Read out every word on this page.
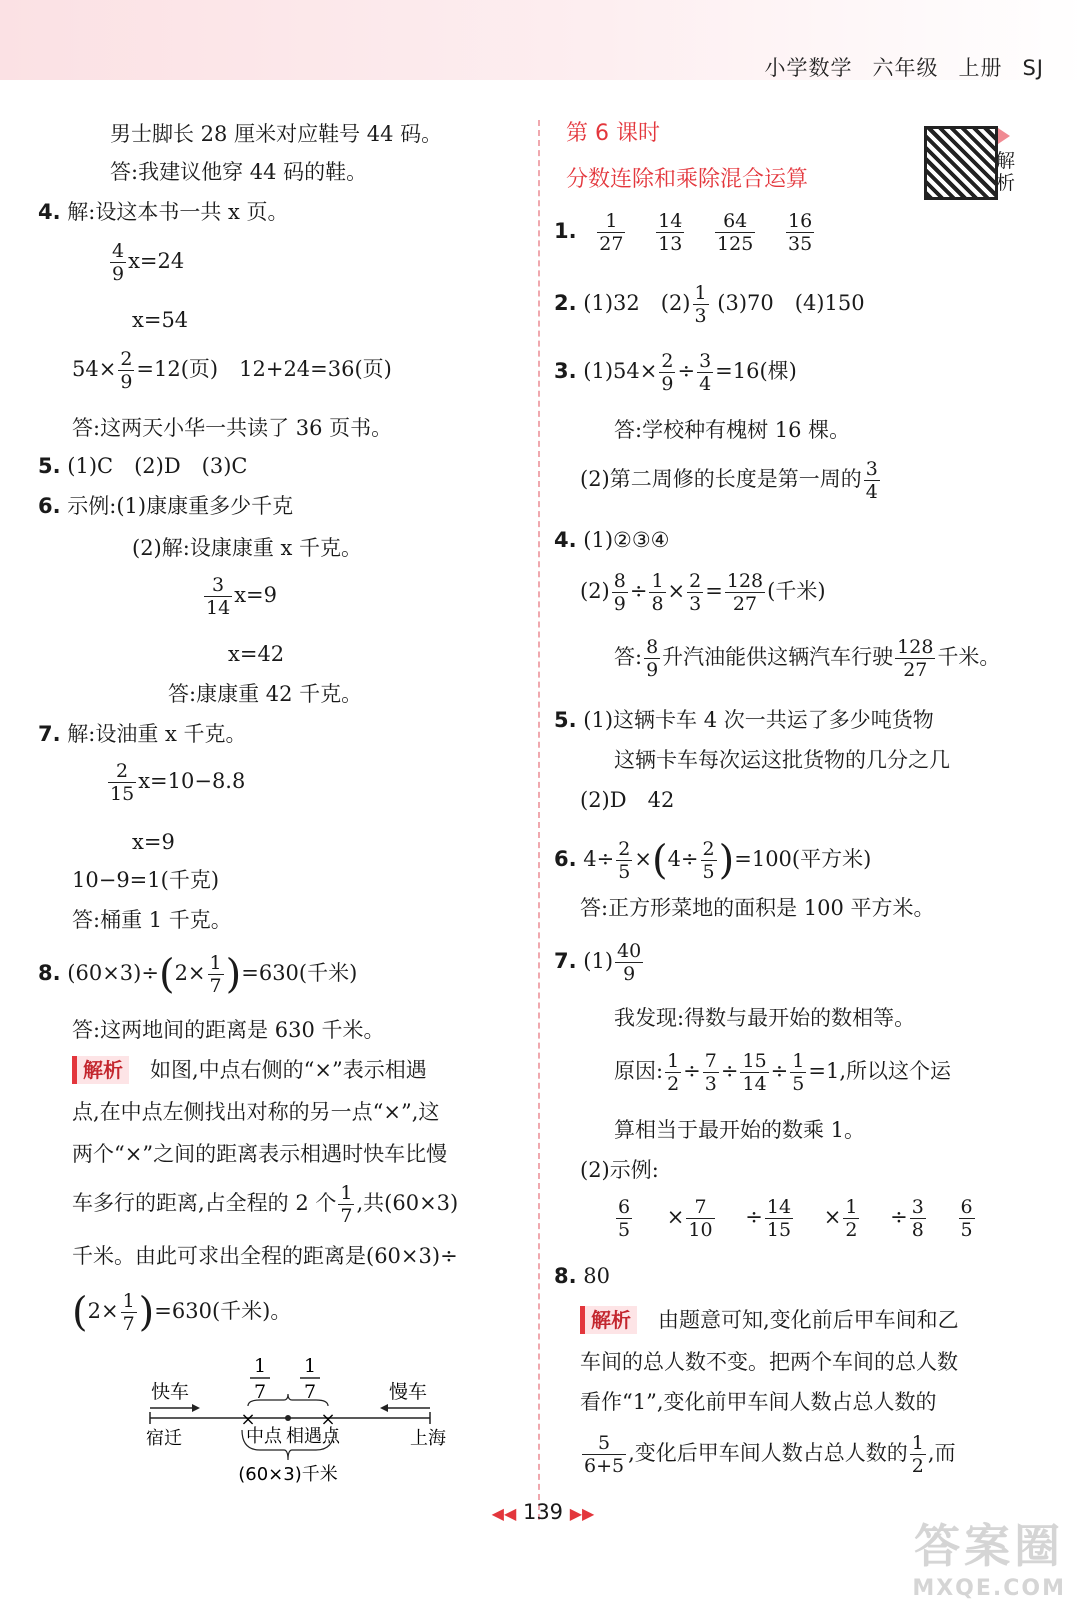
小学数学 六年级 上册 SJ
男士脚长 28 厘米对应鞋号 44 码。
答:我建议他穿 44 码的鞋。
4. 解:设这本书一共 x 页。
$\frac{4}{9} x=24$
x=54
$54\times \frac{2}{9} =12$(页)　12+24=36(页)
答:这两天小华一共读了 36 页书。
5. (1)C　(2)D　(3)C
6. 示例:(1)康康重多少千克
(2)解:设康康重 x 千克。
$\frac{3}{14} x=9$
x=42
答:康康重 42 千克。
7. 解:设油重 x 千克。
$\frac{2}{15} x=10-8.8$
x=9
10−9=1(千克)
答:桶重 1 千克。
8. $(60\times 3)\div(2\times \frac{1}{7} )=630$(千米)
答:这两地间的距离是 630 千米。
解析　 如图,中点右侧的“×”表示相遇
点,在中点左侧找出对称的另一点“×”,这
两个“×”之间的距离表示相遇时快车比慢
车多行的距离,占全程的 2 个 $\frac{1}{7}$ ,共(60×3)
千米。由此可求出全程的距离是(60×3)÷
$(2\times \frac{1}{7} )=630$(千米)。
1
7
1
7
快车	慢车
×	×
宿迁	中点 相遇点	上海
(60×3)千米
解析
第 6 课时
分数连除和乘除混合运算
1. $\frac{1}{27}$
$\frac{14}{13}$
$\frac{64}{125}$
$\frac{16}{35}$
2. (1)32　$(2) \frac{1}{3} (3)70$　(4)150
3. $(1)54\times \frac{2}{9} \div \frac{3}{4} =16$(棵)
答:学校种有槐树 16 棵。
(2)第二周修的长度是第一周的 $\frac{3}{4}$
4. (1)②③④
$(2) \frac{8}{9} \div \frac{1}{8} \times \frac{2}{3} = \frac{128}{27}$ (千米)
答: $\frac{8}{9}$ 升汽油能供这辆汽车行驶 $\frac{128}{27}$ 千米。
5. (1)这辆卡车 4 次一共运了多少吨货物
这辆卡车每次运这批货物的几分之几
(2)D　42
6. $4\div \frac{2}{5} \times(4\div \frac{2}{5} )=100$(平方米)
答:正方形菜地的面积是 100 平方米。
7. $(1) \frac{40}{9}$
我发现:得数与最开始的数相等。
原因: $\frac{1}{2} \div \frac{7}{3} \div \frac{15}{14} \div \frac{1}{5} =1$,所以这个运
算相当于最开始的数乘 1。
(2)示例:
$\frac{6}{5} \times \frac{7}{10} \div \frac{14}{15} \times \frac{1}{2} \div \frac{3}{8}$
$\frac{6}{5}$
8. 80
解析　 由题意可知,变化前后甲车间和乙
车间的总人数不变。把两个车间的总人数
看作“1”,变化前甲车间人数占总人数的
$\frac{5}{6+5}$ ,变化后甲车间人数占总人数的 $\frac{1}{2}$ ,而
◀◀ 139 ▶▶
答案圈
MXQE.COM
